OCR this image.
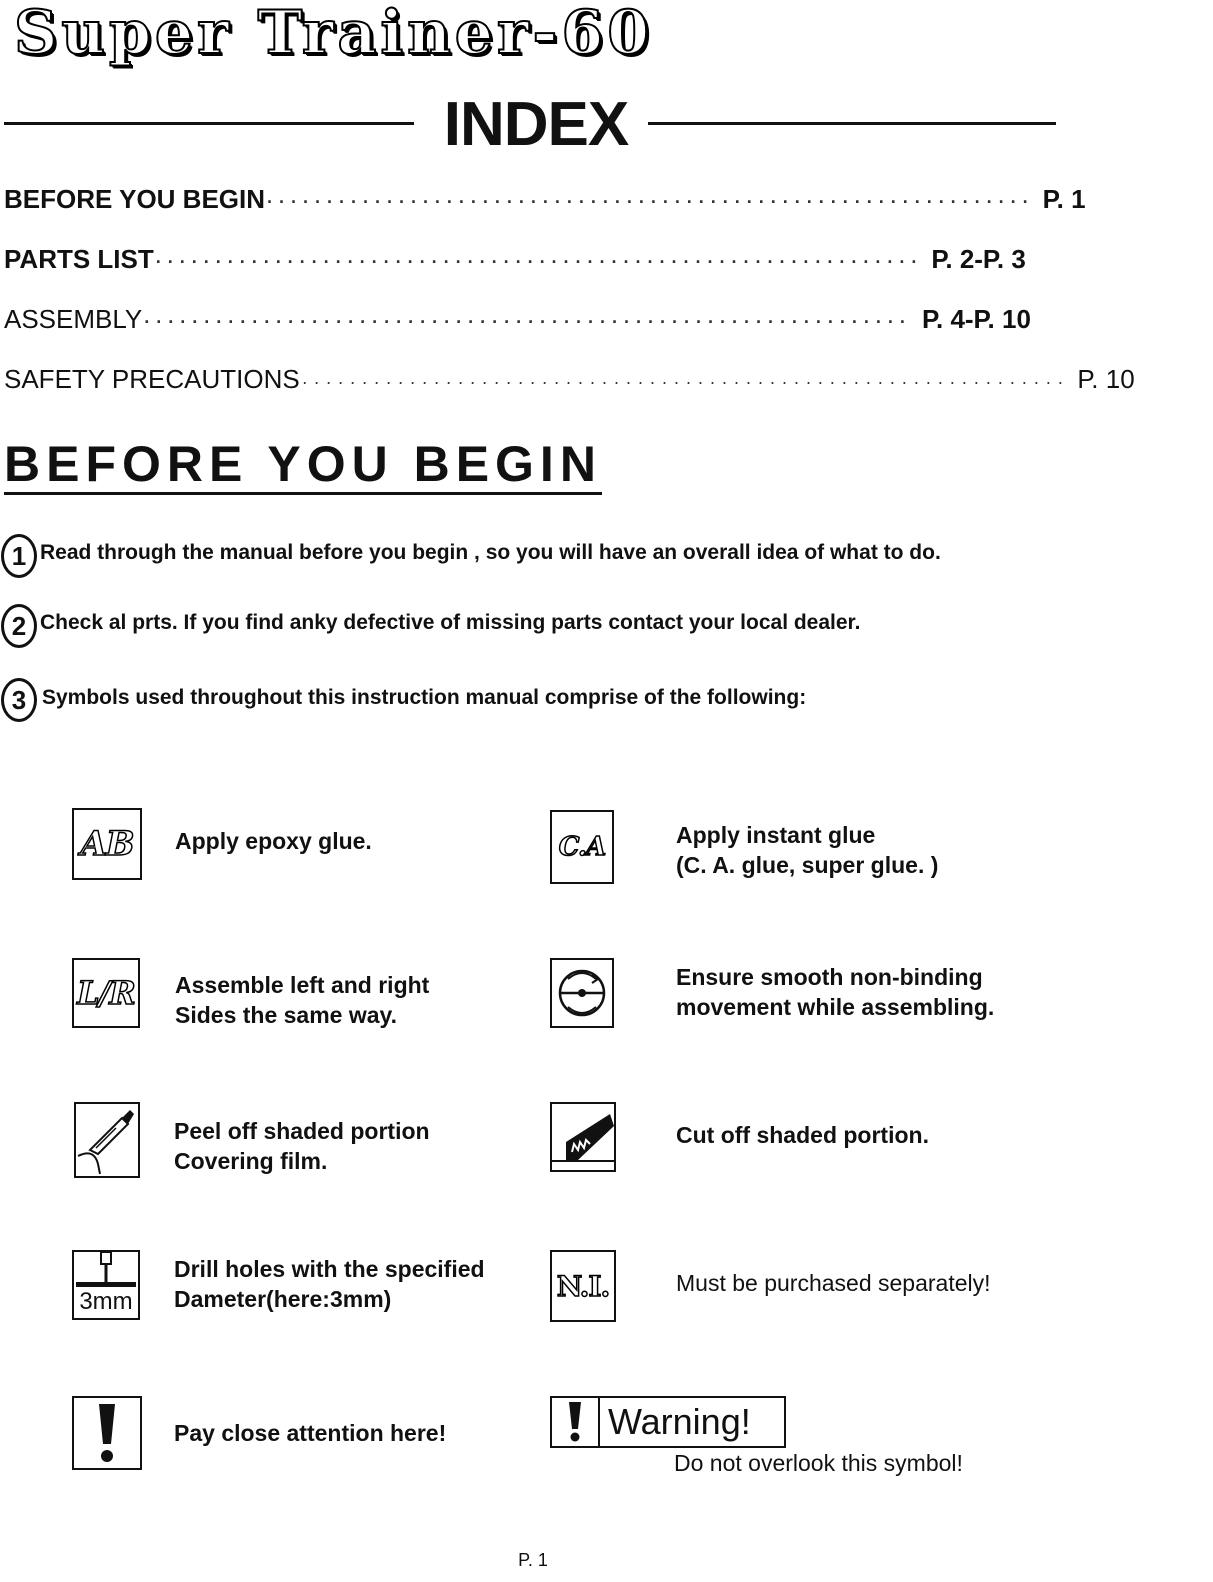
Super Trainer-60
INDEX
BEFORE YOU BEGIN ································································ P. 1
PARTS LIST ································································ P. 2-P. 3
ASSEMBLY ································································ P. 4-P. 10
SAFETY PRECAUTIONS ································································ P. 10
BEFORE YOU BEGIN
1 Read through the manual before you begin , so you will have an overall idea of what to do.
2 Check al prts. If you find anky defective of missing parts contact your local dealer.
3 Symbols used throughout this instruction manual comprise of the following:
AB Apply epoxy glue.
L/R Assemble left and right
Sides the same way.
Peel off shaded portion
Covering film.
3mm
Drill holes with the specified
Dameter(here:3mm)
Pay close attention here!
C.A	Apply instant glue
(C. A. glue, super glue. )
Ensure smooth non-binding
movement while assembling.
Cut off shaded portion.
N.I.	Must be purchased separately!
Warning!
Do not overlook this symbol!
P. 1
